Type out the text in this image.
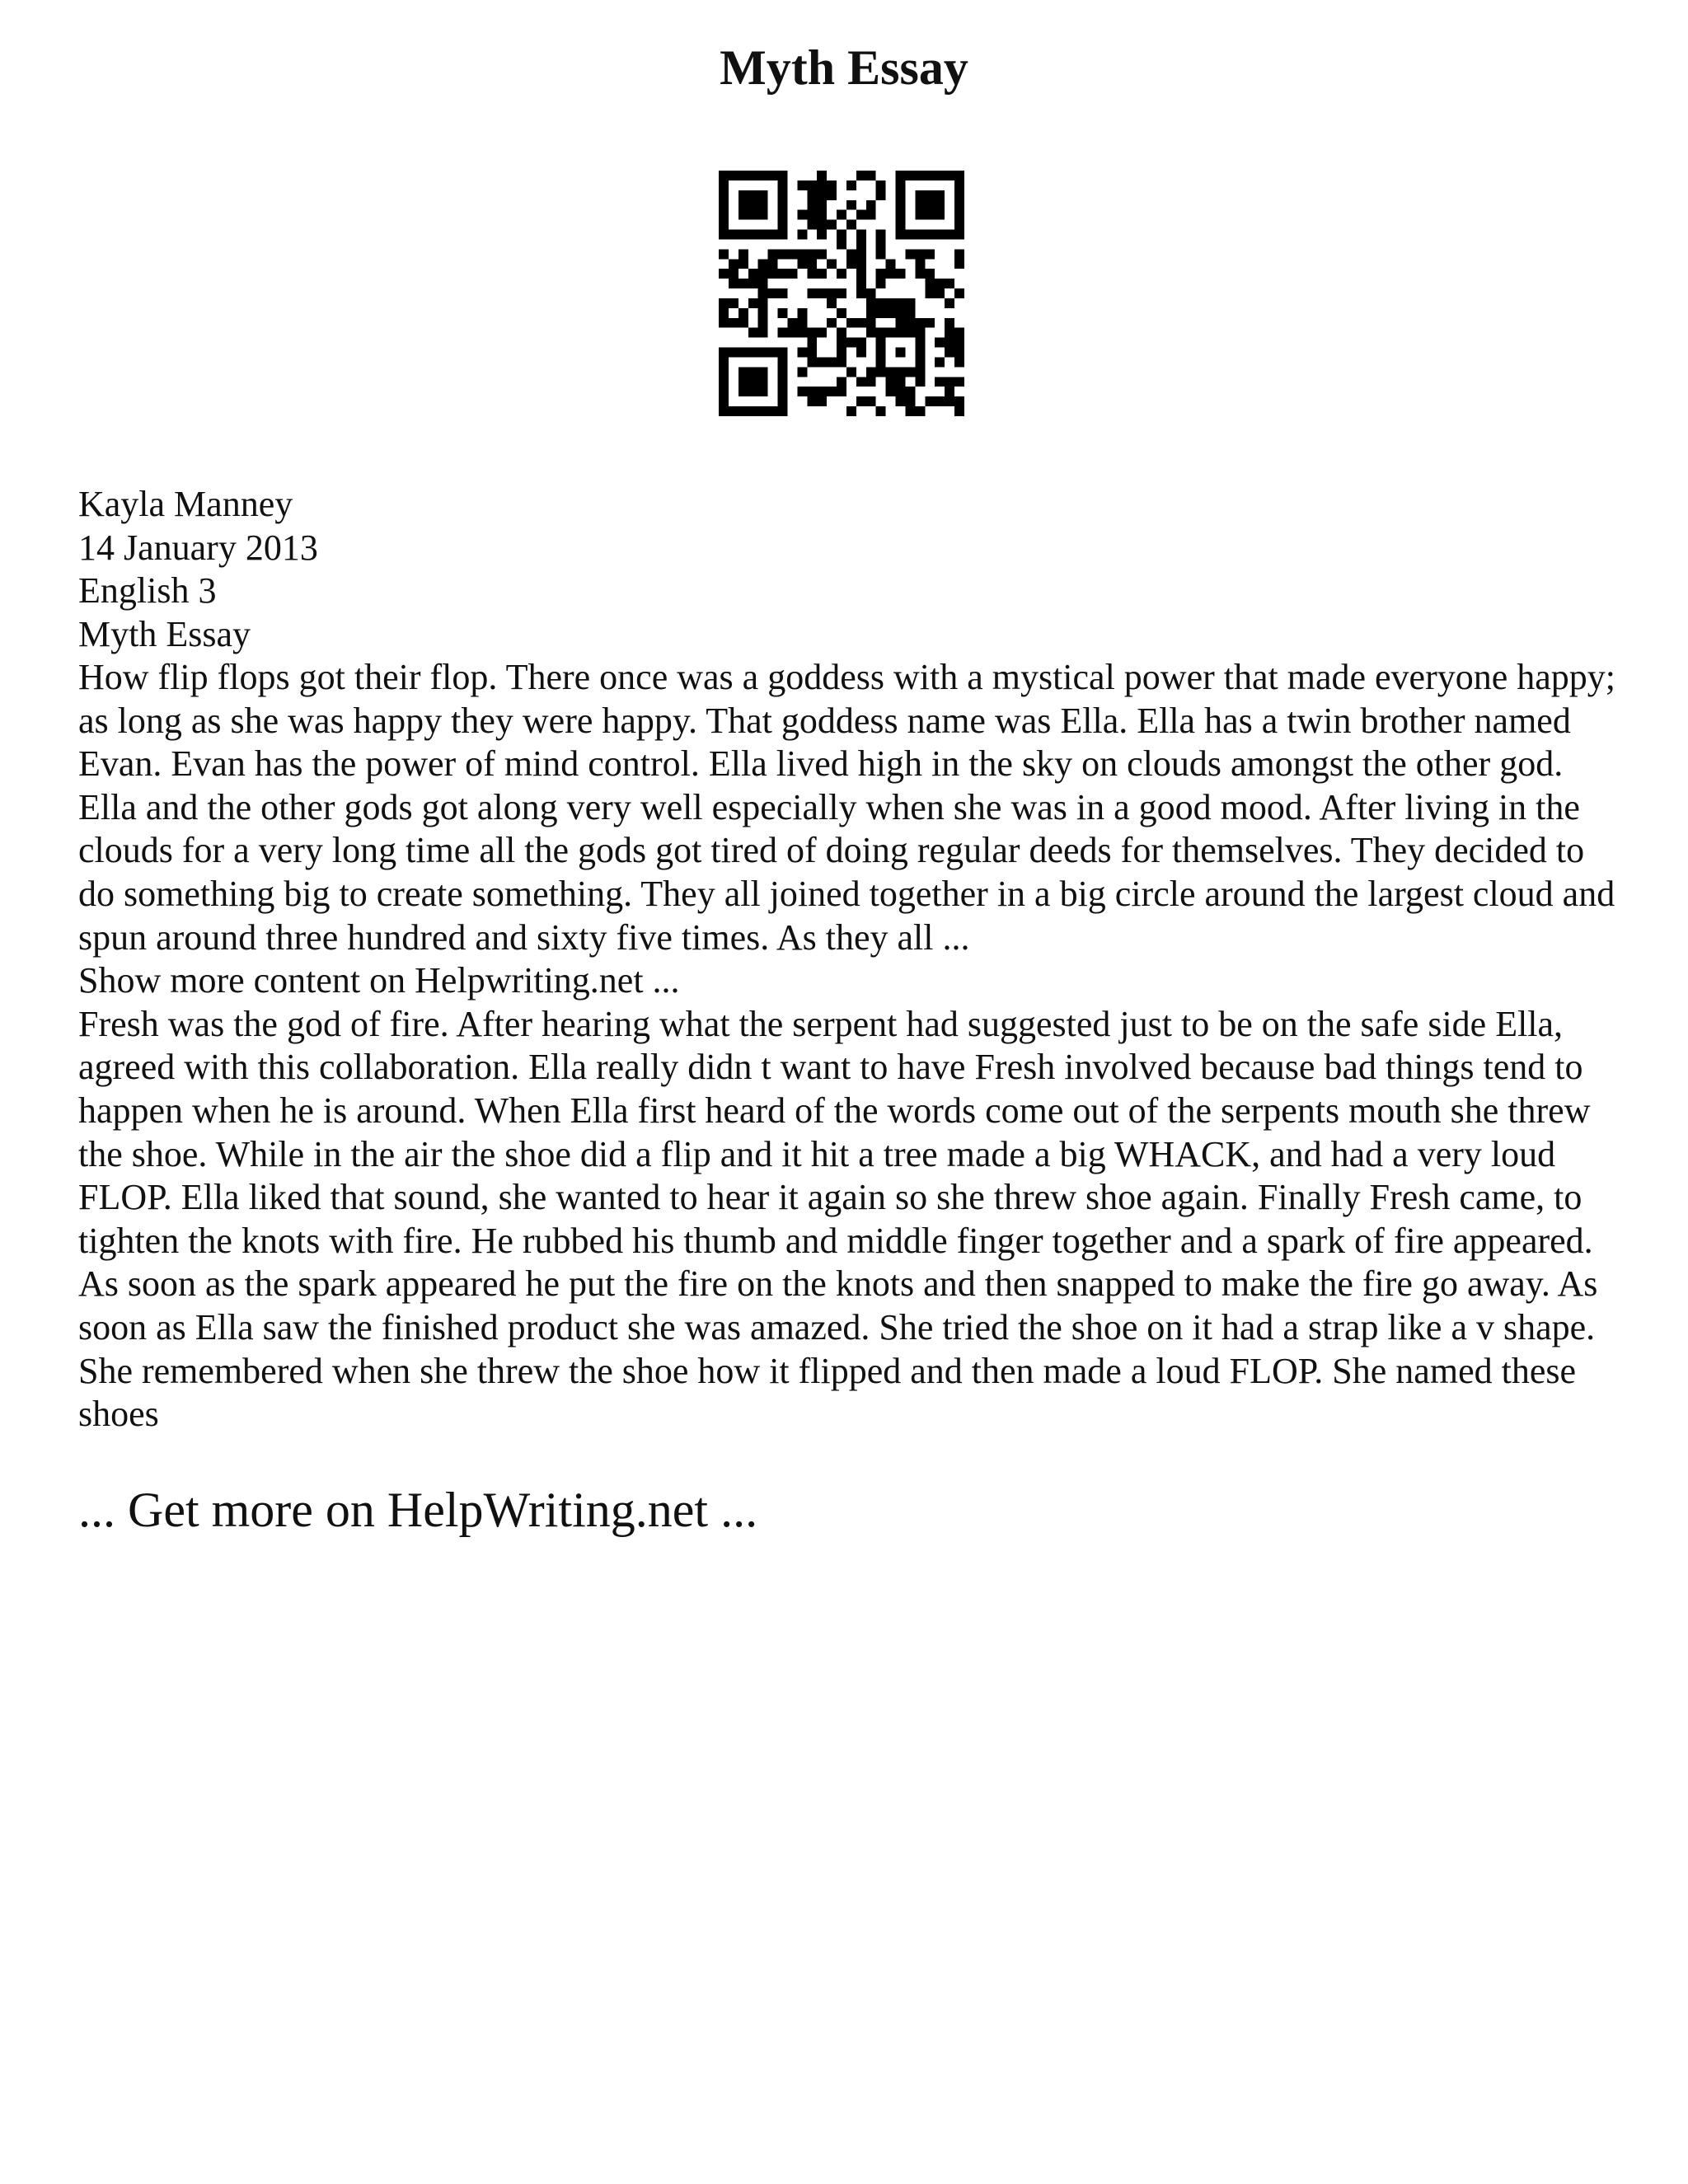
Myth Essay
Kayla Manney
14 January 2013
English 3
Myth Essay

How flip flops got their flop. There once was a goddess with a mystical power that made everyone happy; as long as she was happy they were happy. That goddess name was Ella. Ella has a twin brother named Evan. Evan has the power of mind control. Ella lived high in the sky on clouds amongst the other god. Ella and the other gods got along very well especially when she was in a good mood. After living in the clouds for a very long time all the gods got tired of doing regular deeds for themselves. They decided to do something big to create something. They all joined together in a big circle around the largest cloud and spun around three hundred and sixty five times. As they all ...

Show more content on Helpwriting.net ...

Fresh was the god of fire. After hearing what the serpent had suggested just to be on the safe side Ella, agreed with this collaboration. Ella really didn t want to have Fresh involved because bad things tend to happen when he is around. When Ella first heard of the words come out of the serpents mouth she threw the shoe. While in the air the shoe did a flip and it hit a tree made a big WHACK, and had a very loud FLOP. Ella liked that sound, she wanted to hear it again so she threw shoe again. Finally Fresh came, to tighten the knots with fire. He rubbed his thumb and middle finger together and a spark of fire appeared. As soon as the spark appeared he put the fire on the knots and then snapped to make the fire go away. As soon as Ella saw the finished product she was amazed. She tried the shoe on it had a strap like a v shape. She remembered when she threw the shoe how it flipped and then made a loud FLOP. She named these shoes

... Get more on HelpWriting.net ...
